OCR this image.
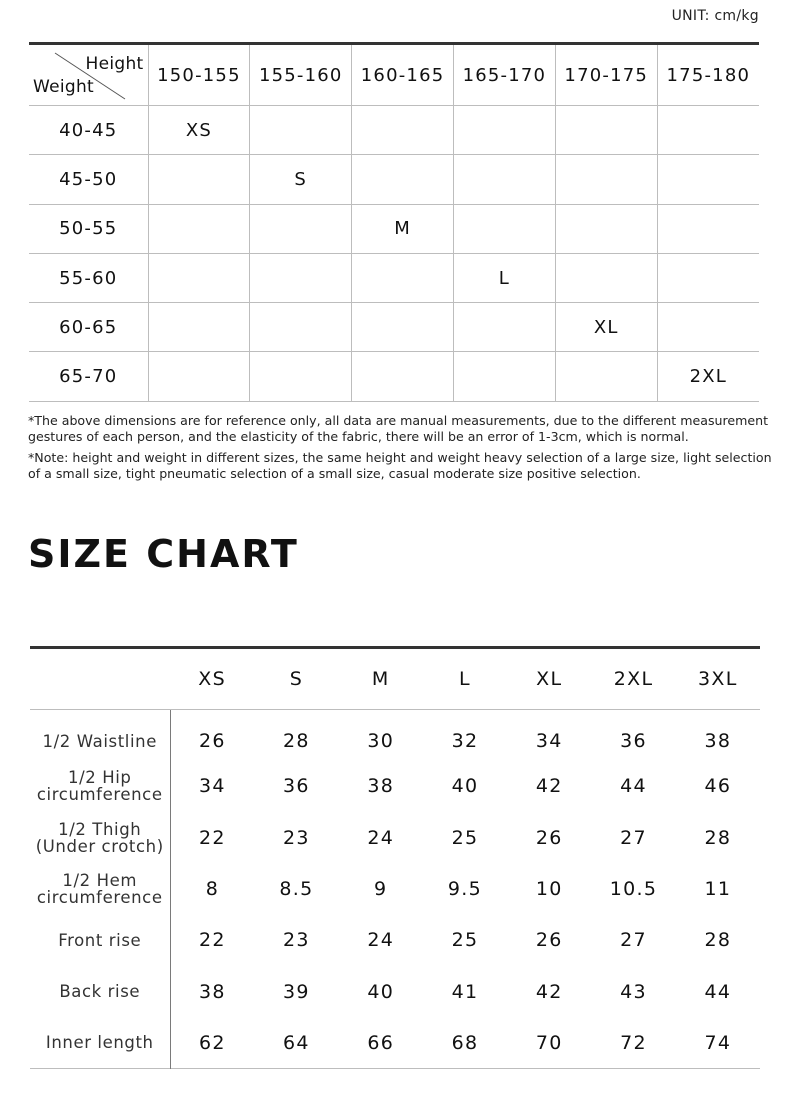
UNIT: cm/kg
Height
Weight	150-155	155-160	160-165	165-170	170-175	175-180
40-45	XS					
45-50		S				
50-55			M			
55-60				L		
60-65					XL	
65-70						2XL

*The above dimensions are for reference only, all data are manual measurements, due to the different measurement gestures of each person, and the elasticity of the fabric, there will be an error of 1-3cm, which is normal.

*Note: height and weight in different sizes, the same height and weight heavy selection of a large size, light selection of a small size, tight pneumatic selection of a small size, casual moderate size positive selection.

SIZE CHART
	XS	S	M	L	XL	2XL	3XL
1/2 Waistline	26	28	30	32	34	36	38
1/2 Hip
circumference	34	36	38	40	42	44	46
1/2 Thigh
(Under crotch)	22	23	24	25	26	27	28
1/2 Hem
circumference	8	8.5	9	9.5	10	10.5	11
Front rise	22	23	24	25	26	27	28
Back rise	38	39	40	41	42	43	44
Inner length	62	64	66	68	70	72	74
